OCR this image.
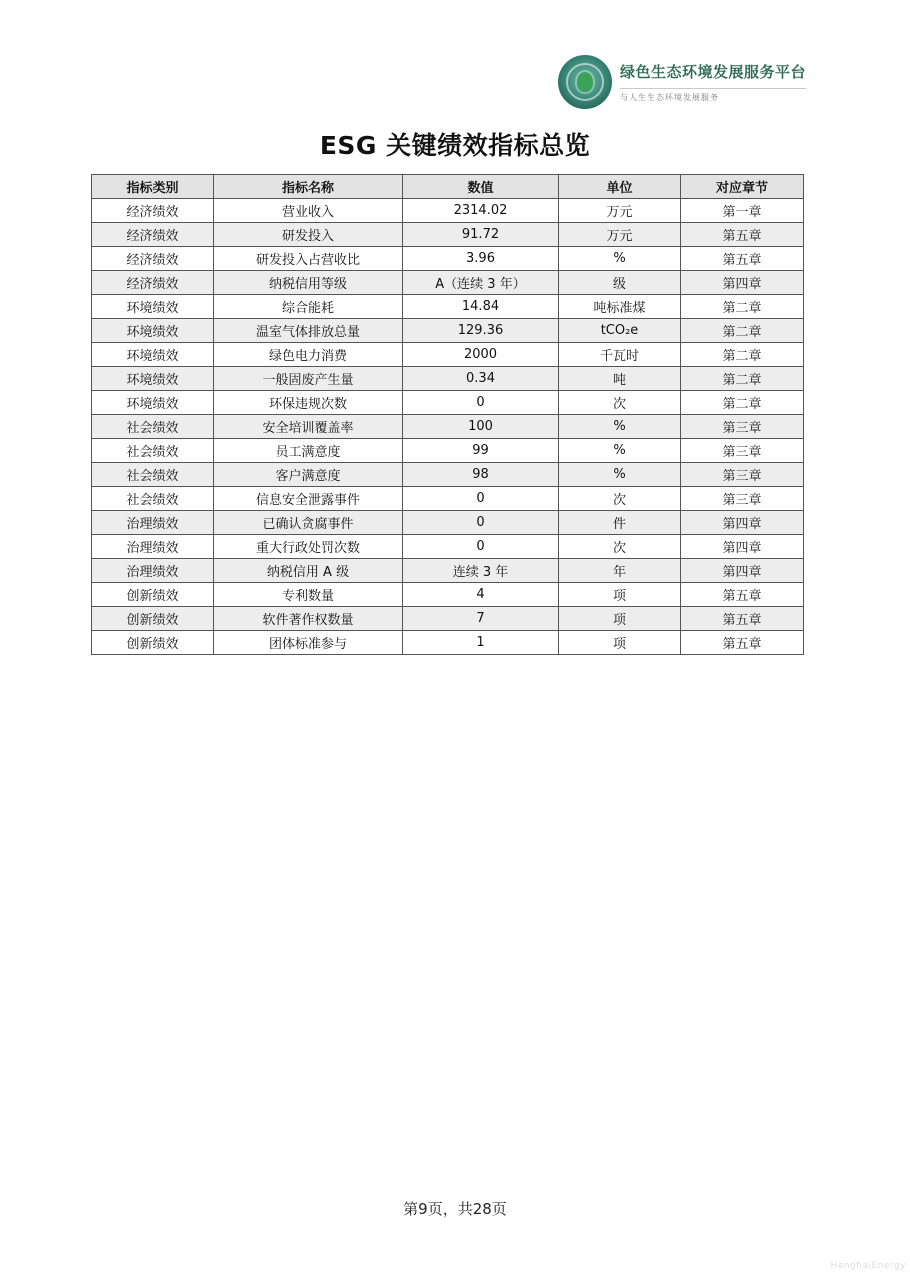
绿色生态环境发展服务平台
与人生生态环境发展服务
ESG 关键绩效指标总览
指标类别	指标名称	数值	单位	对应章节
经济绩效	营业收入	2314.02	万元	第一章
经济绩效	研发投入	91.72	万元	第五章
经济绩效	研发投入占营收比	3.96	%	第五章
经济绩效	纳税信用等级	A（连续 3 年）	级	第四章
环境绩效	综合能耗	14.84	吨标准煤	第二章
环境绩效	温室气体排放总量	129.36	tCO₂e	第二章
环境绩效	绿色电力消费	2000	千瓦时	第二章
环境绩效	一般固废产生量	0.34	吨	第二章
环境绩效	环保违规次数	0	次	第二章
社会绩效	安全培训覆盖率	100	%	第三章
社会绩效	员工满意度	99	%	第三章
社会绩效	客户满意度	98	%	第三章
社会绩效	信息安全泄露事件	0	次	第三章
治理绩效	已确认贪腐事件	0	件	第四章
治理绩效	重大行政处罚次数	0	次	第四章
治理绩效	纳税信用 A 级	连续 3 年	年	第四章
创新绩效	专利数量	4	项	第五章
创新绩效	软件著作权数量	7	项	第五章
创新绩效	团体标准参与	1	项	第五章
第9页，共28页
HenghaiEnergy
